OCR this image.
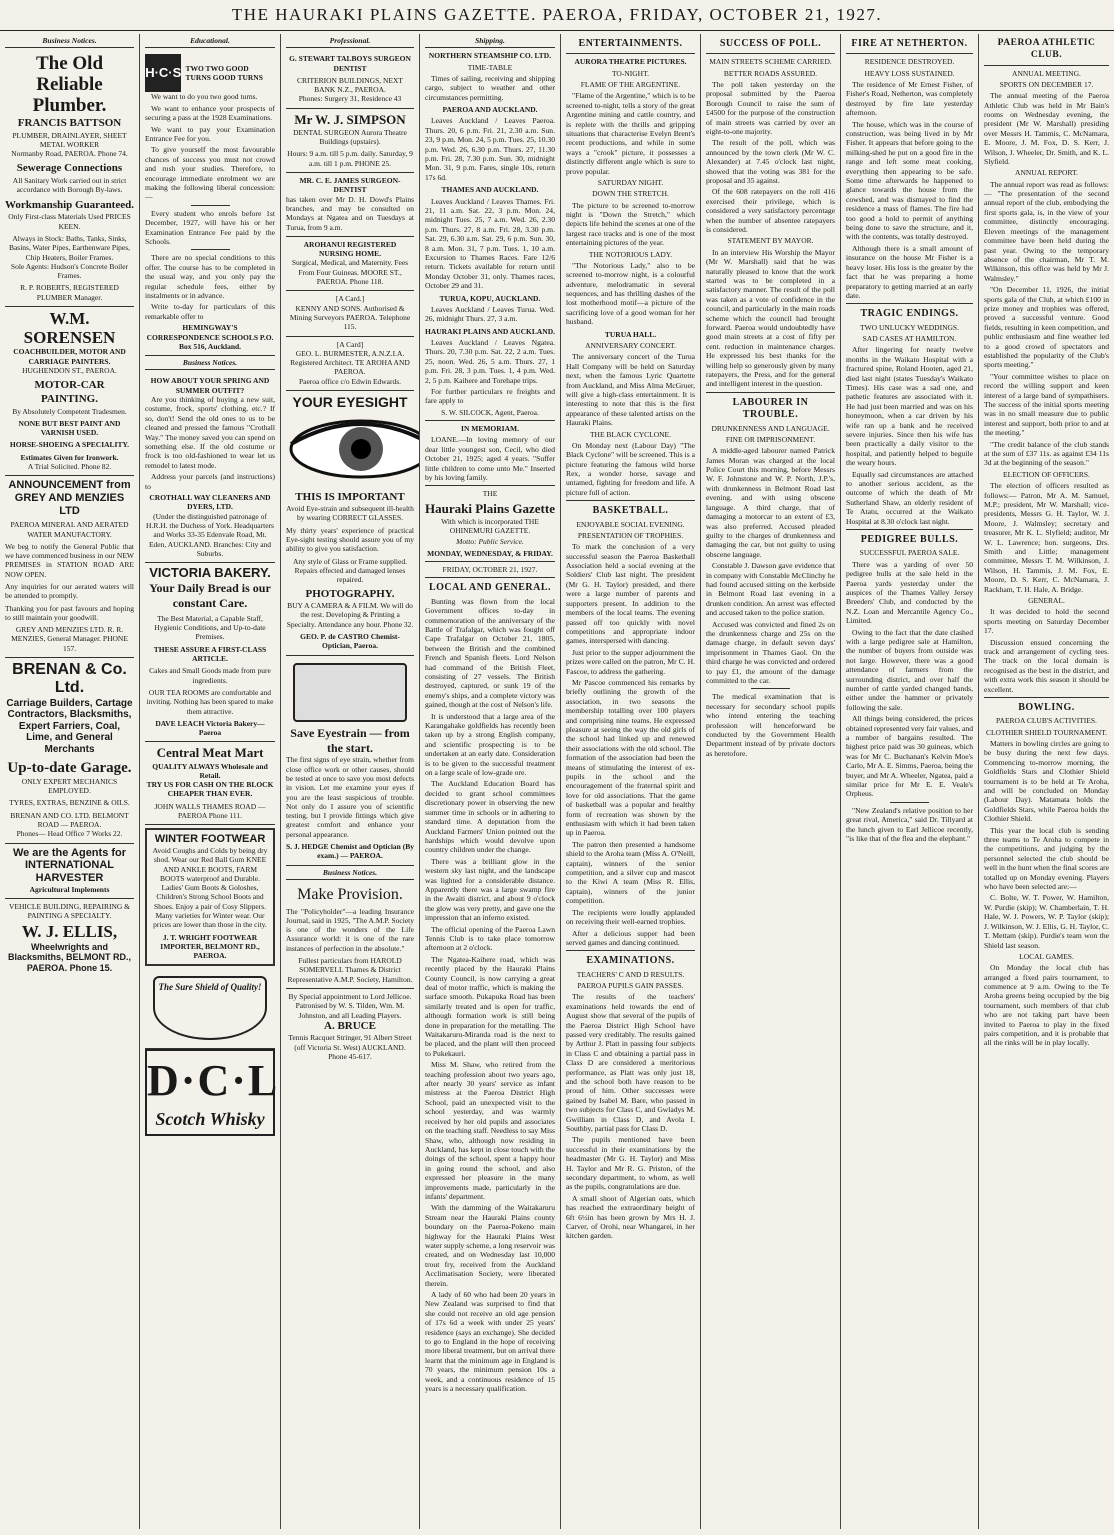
THE HAURAKI PLAINS GAZETTE. PAEROA, FRIDAY, OCTOBER 21, 1927.
Business Notices.
The Old Reliable Plumber.
FRANCIS BATTSON
PLUMBER, DRAINLAYER, SHEET METAL WORKER
Normanby Road, PAEROA. Phone 74.
Sewerage Connections
All Sanitary Work carried out in strict accordance with Borough By-laws.
Workmanship Guaranteed.
Only First-class Materials Used PRICES KEEN.
Always in Stock: Baths, Tanks, Sinks, Basins, Water Pipes, Earthenware Pipes, Chip Heaters, Boiler Frames.
Sole Agents: Hudson's Concrete Boiler Frames.
R. P. ROBERTS, REGISTERED PLUMBER Manager.
W.M. SORENSEN
COACHBUILDER, MOTOR AND CARRIAGE PAINTERS.
HUGHENDON ST., PAEROA.
MOTOR-CAR PAINTING.
By Absolutely Competent Tradesmen.
NONE BUT BEST PAINT AND VARNISH USED.
HORSE-SHOEING A SPECIALITY.
Estimates Given for Ironwork.
A Trial Solicited. Phone 82.
ANNOUNCEMENT from GREY AND MENZIES LTD
PAEROA MINERAL AND AERATED WATER MANUFACTORY.
We beg to notify the General Public that we have commenced business in our NEW PREMISES in STATION ROAD ARE NOW OPEN.
Any inquiries for our aerated waters will be attended to promptly.
Thanking you for past favours and hoping to still maintain your goodwill.
GREY AND MENZIES LTD. R. R. MENZIES, General Manager. PHONE 157.
BRENAN & Co. Ltd.
Carriage Builders, Cartage Contractors, Blacksmiths, Expert Farriers, Coal, Lime, and General Merchants
Up-to-date Garage.
ONLY EXPERT MECHANICS EMPLOYED.
TYRES, EXTRAS, BENZINE & OILS.
BRENAN AND CO. LTD. BELMONT ROAD — PAEROA.
Phones— Head Office 7 Works 22.
We are the Agents for INTERNATIONAL HARVESTER
Agricultural Implements
VEHICLE BUILDING, REPAIRING & PAINTING A SPECIALTY.
W. J. ELLIS,
Wheelwrights and Blacksmiths, BELMONT RD., PAEROA. Phone 15.
Educational.
H·C·S TWO TWO GOOD TURNS GOOD TURNS

We want to do you two good turns.

We want to enhance your prospects of securing a pass at the 1928 Examinations.

We want to pay your Examination Entrance Fee for you.

To give yourself the most favourable chances of success you must not crowd and rush your studies. Therefore, to encourage immediate enrolment we are making the following liberal concession:—

Every student who enrols before 1st December, 1927, will have his or her Examination Entrance Fee paid by the Schools.

There are no special conditions to this offer. The course has to be completed in the usual way, and you only pay the regular schedule fees, either by instalments or in advance.

Write to-day for particulars of this remarkable offer to

HEMINGWAY'S CORRESPONDENCE SCHOOLS P.O. Box 516, Auckland.
Business Notices.
HOW ABOUT YOUR SPRING AND SUMMER OUTFIT?

Are you thinking of buying a new suit, costume, frock, sports' clothing, etc.? If so, don't! Send the old ones to us to be cleaned and pressed the famous "Crothall Way." The money saved you can spend on something else. If the old costume or frock is too old-fashioned to wear let us remodel to latest mode.

Address your parcels (and instructions) to

CROTHALL WAY CLEANERS AND DYERS, LTD.
(Under the distinguished patronage of H.R.H. the Duchess of York. Headquarters and Works 33-35 Edenvale Road, Mt. Eden, AUCKLAND. Branches: City and Suburbs.
VICTORIA BAKERY.
Your Daily Bread is our constant Care.
The Best Material, a Capable Staff, Hygienic Conditions, and Up-to-date Premises.
THESE ASSURE A FIRST-CLASS ARTICLE.
Cakes and Small Goods made from pure ingredients.
OUR TEA ROOMS are comfortable and inviting. Nothing has been spared to make them attractive.
DAVE LEACH Victoria Bakery—Paeroa
Central Meat Mart
QUALITY ALWAYS Wholesale and Retail.
TRY US FOR CASH ON THE BLOCK CHEAPER THAN EVER.
JOHN WALLS THAMES ROAD — PAEROA Phone 111.
WINTER FOOTWEAR
Avoid Coughs and Colds by being dry shod. Wear our Red Ball Gum KNEE AND ANKLE BOOTS, FARM BOOTS waterproof and Durable. Ladies' Gum Boots & Goloshes, Children's Strong School Boots and Shoes. Enjoy a pair of Cosy Slippers. Many varieties for Winter wear. Our prices are lower than those in the city.
J. T. WRIGHT FOOTWEAR IMPORTER, BELMONT RD., PAEROA.
The Sure Shield of Quality!
D·C·L
Scotch Whisky
Professional.
G. STEWART TALBOYS SURGEON DENTIST
CRITERION BUILDINGS, NEXT BANK N.Z., PAEROA.
Phones: Surgery 31, Residence 43
Mr W. J. SIMPSON
DENTAL SURGEON Aurora Theatre Buildings (upstairs).
Hours: 9 a.m. till 5 p.m. daily. Saturday, 9 a.m. till 1 p.m. PHONE 25.
MR. C. E. JAMES SURGEON-DENTIST
has taken over Mr D. H. Dowd's Plains branches, and may be consulted on Mondays at Ngatea and on Tuesdays at Turua, from 9 a.m.
AROHANUI REGISTERED NURSING HOME.
Surgical, Medical, and Maternity. Fees From Four Guineas. MOORE ST., PAEROA. Phone 118.
[A Card.]
KENNY AND SONS. Authorised & Mining Surveyors PAEROA. Telephone 115.
[A Card]
GEO. L. BURMESTER, A.N.Z.I.A. Registered Architect. TE AROHA AND PAEROA.
Paeroa office c/o Edwin Edwards.
YOUR EYESIGHT
THIS IS IMPORTANT
Avoid Eye-strain and subsequent ill-health by wearing CORRECT GLASSES.
My thirty years' experience of practical Eye-sight testing should assure you of my ability to give you satisfaction.
Any style of Glass or Frame supplied.
Repairs effected and damaged lenses repaired.
PHOTOGRAPHY.
BUY A CAMERA & A FILM. We will do the rest. Developing & Printing a Specialty. Attendance any hour. Phone 32.
GEO. P. de CASTRO Chemist-Optician, Paeroa.
Save Eyestrain — from the start.
The first signs of eye strain, whether from close office work or other causes, should be tested at once to save you most defects in vision. Let me examine your eyes if you are the least suspicious of trouble. Not only do I assure you of scientific testing, but I provide fittings which give greatest comfort and enhance your personal appearance.
S. J. HEDGE Chemist and Optician (By exam.) — PAEROA.
Business Notices.
Make Provision.
The "Policyholder"—a leading Insurance Journal, said in 1925, "The A.M.P. Society is one of the wonders of the Life Assurance world: it is one of the rare instances of perfection in the absolute."
Fullest particulars from HAROLD SOMERVELL Thames & District Representative A.M.P. Society, Hamilton.
By Special appointment to Lord Jellicoe. Patronised by W. S. Tilden, Wm. M. Johnston, and all Leading Players.
A. BRUCE
Tennis Racquet Stringer, 91 Albert Street (off Victoria St. West) AUCKLAND. Phone 45-617.
Shipping.
NORTHERN STEAMSHIP CO. LTD.
TIME-TABLE

Times of sailing, receiving and shipping cargo, subject to weather and other circumstances permitting.

PAEROA AND AUCKLAND.

Leaves Auckland / Leaves Paeroa. Thurs. 20, 6 p.m. Fri. 21, 2.30 a.m. Sun. 23, 9 p.m. Mon. 24, 5 p.m. Tues. 25, 10.30 p.m. Wed. 26, 6.30 p.m. Thurs. 27, 11.30 p.m. Fri. 28, 7.30 p.m. Sun. 30, midnight Mon. 31, 9 p.m. Fares, single 10s, return 17s 6d.

THAMES AND AUCKLAND.

Leaves Auckland / Leaves Thames. Fri. 21, 11 a.m. Sat. 22, 3 p.m. Mon. 24, midnight Tues. 25, 7 a.m. Wed. 26, 2.30 p.m. Thurs. 27, 8 a.m. Fri. 28, 3.30 p.m. Sat. 29, 6.30 a.m. Sat. 29, 6 p.m. Sun. 30, 8 a.m. Mon. 31, 7 p.m. Tues. 1, 10 a.m. Excursion to Thames Races. Fare 12/6 return. Tickets available for return until Monday October 31, only. Thames races, October 29 and 31.

TURUA, KOPU, AUCKLAND.

Leaves Auckland / Leaves Turua. Wed. 26, midnight Thurs. 27, 3 a.m.

HAURAKI PLAINS AND AUCKLAND.

Leaves Auckland / Leaves Ngatea. Thurs. 20, 7.30 p.m. Sat. 22, 2 a.m. Tues. 25, noon. Wed. 26, 5 a.m. Thurs. 27, 1 p.m. Fri. 28, 3 p.m. Tues. 1, 4 p.m. Wed. 2, 5 p.m. Kaihere and Torehape trips.

For further particulars re freights and fare apply to

S. W. SILCOCK, Agent, Paeroa.
IN MEMORIAM.

LOANE.—In loving memory of our dear little youngest son, Cecil, who died October 21, 1925; aged 4 years. "Suffer little children to come unto Me." Inserted by his loving family.

THE
Hauraki Plains Gazette
With which is incorporated THE OHINEMURI GAZETTE.
Motto: Public Service.
MONDAY, WEDNESDAY, & FRIDAY.
FRIDAY, OCTOBER 21, 1927.
LOCAL AND GENERAL.

Bunting was flown from the local Government offices to-day in commemoration of the anniversary of the Battle of Trafalgar, which was fought off Cape Trafalgar on October 21, 1805, between the British and the combined French and Spanish fleets. Lord Nelson had command of the British Fleet, consisting of 27 vessels. The British destroyed, captured, or sunk 19 of the enemy's ships, and a complete victory was gained, though at the cost of Nelson's life.

It is understood that a large area of the Karangahake goldfields has recently been taken up by a strong English company, and scientific prospecting is to be undertaken at an early date. Consideration is to be given to the successful treatment on a large scale of low-grade ore.

The Auckland Education Board has decided to grant school committees discretionary power in observing the new summer time in schools or in adhering to standard time. A deputation from the Auckland Farmers' Union pointed out the hardships which would devolve upon country children under the change.

There was a brilliant glow in the western sky last night, and the landscape was lighted for a considerable distance. Apparently there was a large swamp fire in the Awaiti district, and about 9 o'clock the glow was very pretty, and gave one the impression that an inferno existed.

The official opening of the Paeroa Lawn Tennis Club is to take place tomorrow afternoon at 2 o'clock.

The Ngatea-Kaihere road, which was recently placed by the Hauraki Plains County Council, is now carrying a great deal of motor traffic, which is making the surface smooth. Pukapuka Road has been similarly treated and is open for traffic, although formation work is still being done in preparation for the metalling. The Waitakaruru-Miranda road is the next to be placed, and the plant will then proceed to Pukekauri.

Miss M. Shaw, who retired from the teaching profession about two years ago, after nearly 30 years' service as infant mistress at the Paeroa District High School, paid an unexpected visit to the school yesterday, and was warmly received by her old pupils and associates on the teaching staff. Needless to say Miss Shaw, who, although now residing in Auckland, has kept in close touch with the doings of the school, spent a happy hour in going round the school, and also expressed her pleasure in the many improvements made, particularly in the infants' department.

With the damming of the Waitakaruru Stream near the Hauraki Plains county boundary on the Paeroa-Pokeno main highway for the Hauraki Plains West water supply scheme, a long reservoir was created, and on Wednesday last 10,000 trout fry, received from the Auckland Acclimatisation Society, were liberated therein.

A lady of 60 who had been 20 years in New Zealand was surprised to find that she could not receive an old age pension of 17s 6d a week with under 25 years' residence (says an exchange). She decided to go to England in the hope of receiving more liberal treatment, but on arrival there learnt that the minimum age in England is 70 years, the minimum pension 10s a week, and a continuous residence of 15 years is a necessary qualification.

ENTERTAINMENTS.
AURORA THEATRE PICTURES.
TO-NIGHT.
FLAME OF THE ARGENTINE.

"Flame of the Argentine," which is to be screened to-night, tells a story of the great Argentine mining and cattle country, and is replete with the thrills and gripping situations that characterise Evelyn Brent's recent productions, and while in some ways a "crook" picture, it possesses a distinctly different angle which is sure to prove popular.

SATURDAY NIGHT.
DOWN THE STRETCH.

The picture to be screened to-morrow night is "Down the Stretch," which depicts life behind the scenes at one of the largest race tracks and is one of the most entertaining pictures of the year.

THE NOTORIOUS LADY.

"The Notorious Lady," also to be screened to-morrow night, is a colourful adventure, melodramatic in several sequences, and has thrilling dashes of the lost motherhood motif—a picture of the sacrificing love of a good woman for her husband.

TURUA HALL.
ANNIVERSARY CONCERT.

The anniversary concert of the Turua Hall Company will be held on Saturday next, when the famous Lyric Quartette from Auckland, and Miss Alma McGruer, will give a high-class entertainment. It is interesting to note that this is the first appearance of these talented artists on the Hauraki Plains.

THE BLACK CYCLONE.

On Monday next (Labour Day) "The Black Cyclone" will be screened. This is a picture featuring the famous wild horse Rex, a wonder horse, savage and untamed, fighting for freedom and life. A picture full of action.

BASKETBALL.
ENJOYABLE SOCIAL EVENING.
PRESENTATION OF TROPHIES.

To mark the conclusion of a very successful season the Paeroa Basketball Association held a social evening at the Soldiers' Club last night. The president (Mr G. H. Taylor) presided, and there were a large number of parents and supporters present. In addition to the members of the local teams. The evening passed off too quickly with novel competitions and appropriate indoor games, interspersed with dancing.

Just prior to the supper adjournment the prizes were called on the patron, Mr C. H. Fascoe, to address the gathering.

Mr Pascoe commenced his remarks by briefly outlining the growth of the association, in two seasons the membership totalling over 100 players and comprising nine teams. He expressed pleasure at seeing the way the old girls of the school had linked up and renewed their associations with the old school. The formation of the association had been the means of stimulating the interest of ex-pupils in the school and the encouragement of the fraternal spirit and love for old associations. That the game of basketball was a popular and healthy form of recreation was shown by the enthusiasm with which it had been taken up in Paeroa.

The patron then presented a handsome shield to the Aroha team (Miss A. O'Neill, captain), winners of the senior competition, and a silver cup and mascot to the Kiwi A team (Miss R. Ellis, captain), winners of the junior competition.

The recipients were loudly applauded on receiving their well-earned trophies.

After a delicious supper had been served games and dancing continued.

EXAMINATIONS.
TEACHERS' C AND D RESULTS.
PAEROA PUPILS GAIN PASSES.

The results of the teachers' examinations held towards the end of August show that several of the pupils of the Paeroa District High School have passed very creditably. The results gained by Arthur J. Platt in passing four subjects in Class C and obtaining a partial pass in Class D are considered a meritorious performance, as Platt was only just 18, and the school both have reason to be proud of him. Other successes were gained by Isabel M. Bare, who passed in two subjects for Class C, and Gwladys M. Gwilliam in Class D, and Avola I. Southby, partial pass for Class D.

The pupils mentioned have been successful in their examinations by the headmaster (Mr G. H. Taylor) and Miss H. Taylor and Mr R. G. Priston, of the secondary department, to whom, as well as the pupils, congratulations are due.

A small shoot of Algerian oats, which has reached the extraordinary height of 6ft 6½in has been grown by Mrs H. J. Carver, of Orohi, near Whangarei, in her kitchen garden.

SUCCESS OF POLL.
MAIN STREETS SCHEME CARRIED.
BETTER ROADS ASSURED.

The poll taken yesterday on the proposal submitted by the Paeroa Borough Council to raise the sum of £4500 for the purpose of the construction of main streets was carried by over an eight-to-one majority.

The result of the poll, which was announced by the town clerk (Mr W. C. Alexander) at 7.45 o'clock last night, showed that the voting was 381 for the proposal and 35 against.

Of the 608 ratepayers on the roll 416 exercised their privilege, which is considered a very satisfactory percentage when the number of absentee ratepayers is considered.

STATEMENT BY MAYOR.

In an interview His Worship the Mayor (Mr W. Marshall) said that he was naturally pleased to know that the work started was to be completed in a satisfactory manner. The result of the poll was taken as a vote of confidence in the council, and particularly in the main roads scheme which the council had brought forward. Paeroa would undoubtedly have good main streets at a cost of fifty per cent. reduction in maintenance charges. He expressed his best thanks for the willing help so generously given by many ratepayers, the Press, and for the general and intelligent interest in the question.

LABOURER IN TROUBLE.
DRUNKENNESS AND LANGUAGE.
FINE OR IMPRISONMENT.

A middle-aged labourer named Patrick James Moran was charged at the local Police Court this morning, before Messrs W. F. Johnstone and W. P. North, J.P.'s, with drunkenness in Belmont Road last evening, and with using obscene language. A third charge, that of damaging a motorcar to an extent of £3, was also preferred. Accused pleaded guilty to the charges of drunkenness and damaging the car, but not guilty to using obscene language.

Constable J. Dawson gave evidence that in company with Constable McClinchy he had found accused sitting on the kerbside in Belmont Road last evening in a drunken condition. An arrest was effected and accused taken to the police station.

Accused was convicted and fined 2s on the drunkenness charge and 25s on the damage charge, in default seven days' imprisonment in Thames Gaol. On the third charge he was convicted and ordered to pay £1, the amount of the damage committed to the car.

The medical examination that is necessary for secondary school pupils who intend entering the teaching profession will henceforward be conducted by the Government Health Department instead of by private doctors as heretofore.

FIRE AT NETHERTON.
RESIDENCE DESTROYED.
HEAVY LOSS SUSTAINED.

The residence of Mr Ernest Fisher, of Fisher's Road, Netherton, was completely destroyed by fire late yesterday afternoon.

The house, which was in the course of construction, was being lived in by Mr Fisher. It appears that before going to the milking-shed he put on a good fire in the range and left some meat cooking, everything then appearing to be safe. Some time afterwards he happened to glance towards the house from the cowshed, and was dismayed to find the residence a mass of flames. The fire had too good a hold to permit of anything being done to save the structure, and it, with the contents, was totally destroyed.

Although there is a small amount of insurance on the house Mr Fisher is a heavy loser. His loss is the greater by the fact that he was preparing a home preparatory to getting married at an early date.

TRAGIC ENDINGS.
TWO UNLUCKY WEDDINGS.
SAD CASES AT HAMILTON.

After lingering for nearly twelve months in the Waikato Hospital with a fractured spine, Roland Hooten, aged 21, died last night (states Tuesday's Waikato Times). His case was a sad one, and pathetic features are associated with it. He had just been married and was on his honeymoon, when a car driven by his wife ran up a bank and he received severe injuries. Since then his wife has been practically a daily visitor to the hospital, and patiently helped to beguile the weary hours.

Equally sad circumstances are attached to another serious accident, as the outcome of which the death of Mr Sutherland Shaw, an elderly resident of Te Atatu, occurred at the Waikato Hospital at 8.30 o'clock last night.

PEDIGREE BULLS.
SUCCESSFUL PAEROA SALE.

There was a yarding of over 50 pedigree bulls at the sale held in the Paeroa yards yesterday under the auspices of the Thames Valley Jersey Breeders' Club, and conducted by the N.Z. Loan and Mercantile Agency Co., Limited.

Owing to the fact that the date clashed with a large pedigree sale at Hamilton, the number of buyers from outside was not large. However, there was a good attendance of farmers from the surrounding district, and over half the number of cattle yarded changed hands, either under the hammer or privately following the sale.

All things being considered, the prices obtained represented very fair values, and a number of bargains resulted. The highest price paid was 30 guineas, which was for Mr C. Buchanan's Kelvin Moe's Carlo, Mr A. E. Simms, Paeroa, being the buyer, and Mr A. Wheeler, Ngatea, paid a similar price for Mr E. E. Veale's Orpheus.

"New Zealand's relative position to her great rival, America," said Dr. Tillyard at the lunch given to Earl Jellicoe recently, "is like that of the flea and the elephant."

PAEROA ATHLETIC CLUB.
ANNUAL MEETING.
SPORTS ON DECEMBER 17.

The annual meeting of the Paeroa Athletic Club was held in Mr Bain's rooms on Wednesday evening, the president (Mr W. Marshall) presiding over Messrs H. Tammis, C. McNamara, E. Moore, J. M. Fox, D. S. Kerr, J. Wilson, J. Wheeler, Dr. Smith, and K. L. Slyfield.

ANNUAL REPORT.

The annual report was read as follows:— "The presentation of the second annual report of the club, embodying the first sports gala, is, in the view of your committee, distinctly encouraging. Eleven meetings of the management committee have been held during the past year. Owing to the temporary absence of the chairman, Mr T. M. Wilkinson, this office was held by Mr J. Walmsley."

"On December 11, 1926, the initial sports gala of the Club, at which £100 in prize money and trophies was offered, proved a successful venture. Good fields, resulting in keen competition, and public enthusiasm and fine weather led to a good crowd of spectators and established the popularity of the Club's sports meeting."

"Your committee wishes to place on record the willing support and keen interest of a large band of sympathisers. The success of the initial sports meeting was in no small measure due to public interest and support, both prior to and at the meeting."

"The credit balance of the club stands at the sum of £37 11s. as against £34 11s 3d at the beginning of the season."

ELECTION OF OFFICERS.

The election of officers resulted as follows:— Patron, Mr A. M. Samuel, M.P.; president, Mr W. Marshall; vice-presidents, Messrs G. H. Taylor, W. J. Moore, J. Walmsley; secretary and treasurer, Mr K. L. Slyfield; auditor, Mr W. L. Lawrence; hon. surgeons, Drs. Smith and Little; management committee, Messrs T. M. Wilkinson, J. Wilson, H. Tammis, J. M. Fox, E. Moore, D. S. Kerr, C. McNamara, J. Rackham, T. H. Hale, A. Bridge.

GENERAL.

It was decided to hold the second sports meeting on Saturday December 17.

Discussion ensued concerning the track and arrangement of cycling tees. The track on the local domain is recognised as the best in the district, and with extra work this season it should be excellent.

BOWLING.
PAEROA CLUB'S ACTIVITIES.
CLOTHIER SHIELD TOURNAMENT.

Matters in bowling circles are going to be busy during the next few days. Commencing to-morrow morning, the Goldfields Stars and Clothier Shield tournament is to be held at Te Aroha, and will be concluded on Monday (Labour Day). Matamata holds the Goldfields Stars, while Paeroa holds the Clothier Shield.

This year the local club is sending three teams to Te Aroha to compete in the competitions, and judging by the personnel selected the club should be well in the hunt when the final scores are totalled up on Monday evening. Players who have been selected are:—

C. Bolte, W. T. Power, W. Hamilton, W. Purdie (skip); W. Chamberlain, T. H. Hale, W. J. Powers, W. P. Taylor (skip); J. Wilkinson, W. J. Ellis, G. H. Taylor, C. T. Mettam (skip). Purdie's team won the Shield last season.

LOCAL GAMES.

On Monday the local club has arranged a fixed pairs tournament, to commence at 9 a.m. Owing to the Te Aroha greens being occupied by the big tournament, such members of that club who are not taking part have been invited to Paeroa to play in the fixed pairs competition, and it is probable that all the rinks will be in play locally.
